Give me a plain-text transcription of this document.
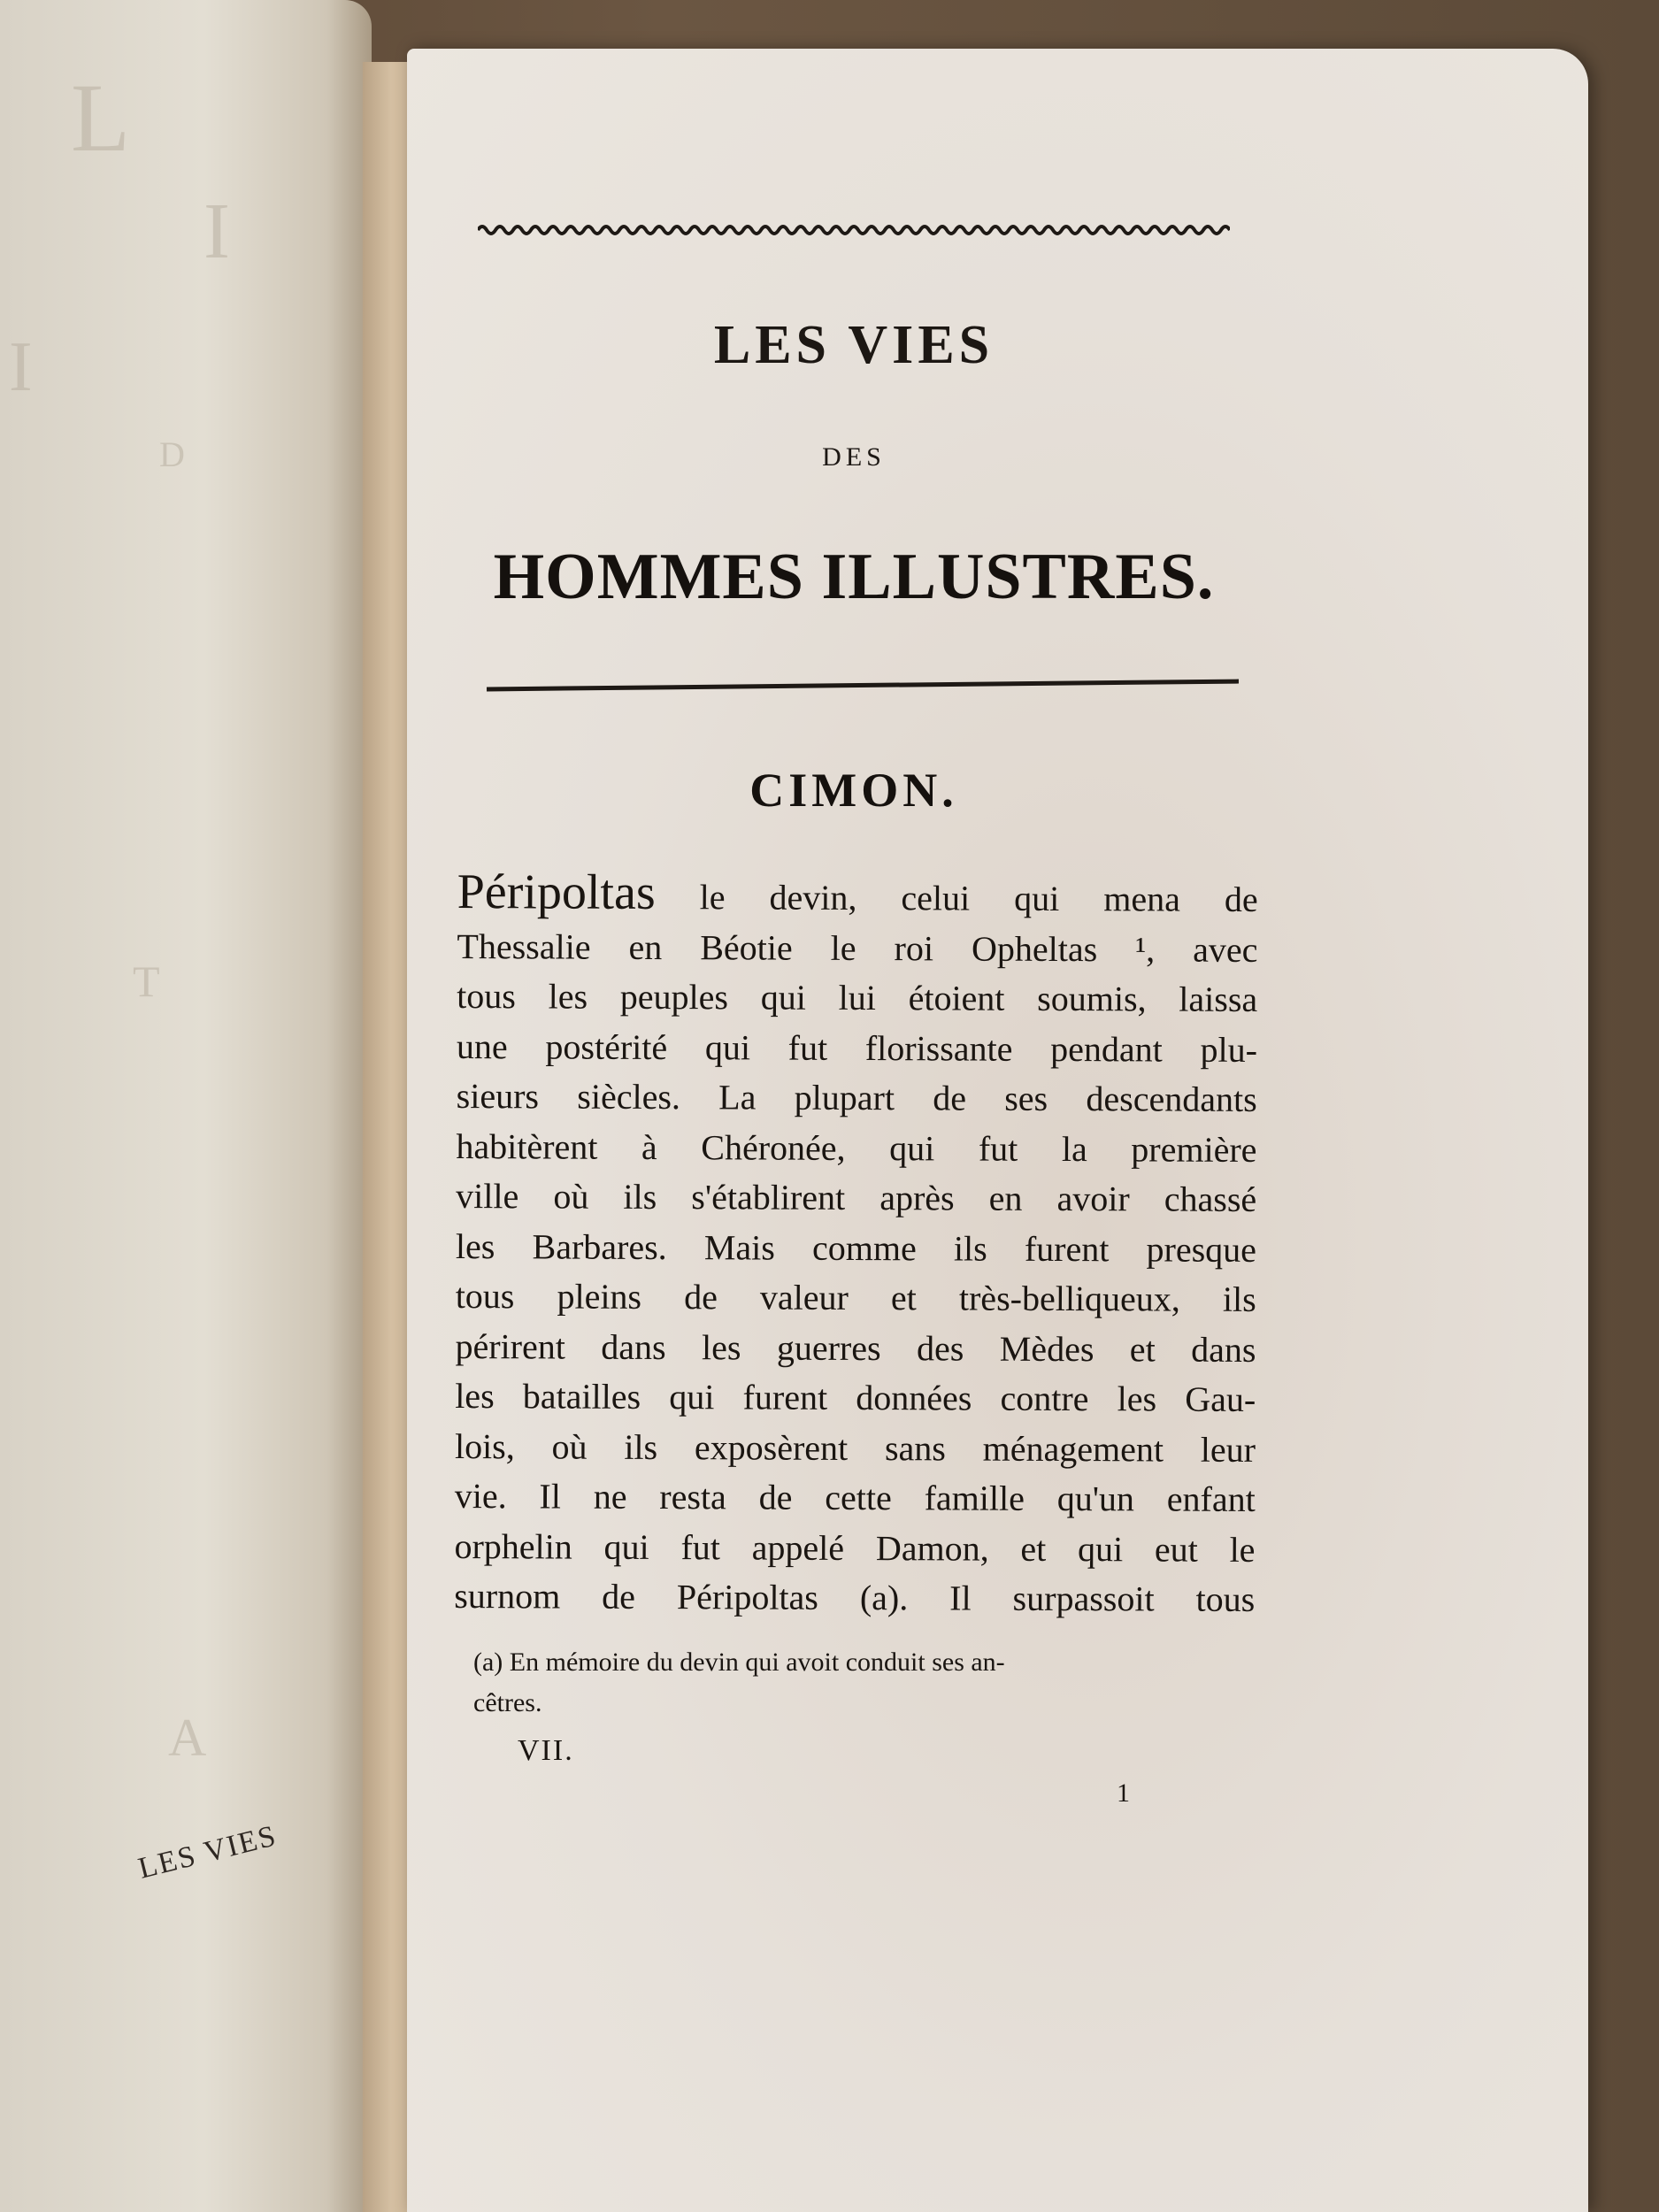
L
I
I
D
T
A
LES VIES
LES VIES
DES
HOMMES ILLUSTRES.
CIMON.
Péripoltas le devin, celui qui mena de
Thessalie en Béotie le roi Opheltas ¹, avec
tous les peuples qui lui étoient soumis, laissa
une postérité qui fut florissante pendant plu-
sieurs siècles. La plupart de ses descendants
habitèrent à Chéronée, qui fut la première
ville où ils s'établirent après en avoir chassé
les Barbares. Mais comme ils furent presque
tous pleins de valeur et très-belliqueux, ils
périrent dans les guerres des Mèdes et dans
les batailles qui furent données contre les Gau-
lois, où ils exposèrent sans ménagement leur
vie. Il ne resta de cette famille qu'un enfant
orphelin qui fut appelé Damon, et qui eut le
surnom de Péripoltas (a). Il surpassoit tous
(a) En mémoire du devin qui avoit conduit ses an-
cêtres.
VII.
1
